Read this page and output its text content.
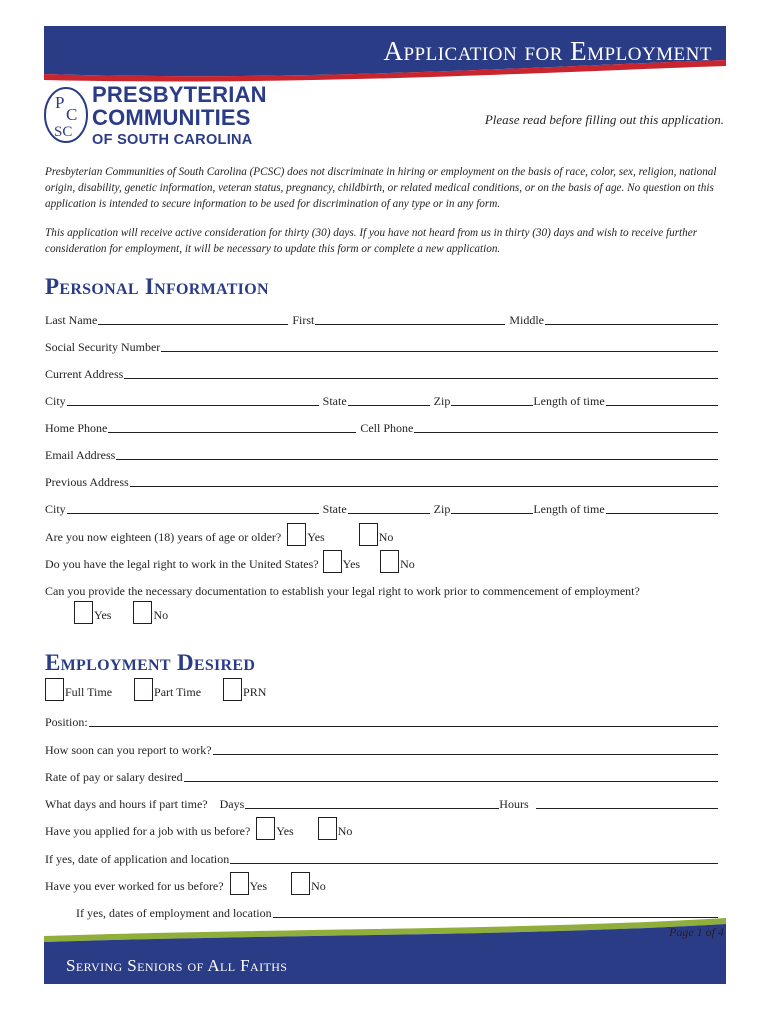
Application for Employment
P
C
SC
PRESBYTERIAN
COMMUNITIES
OF SOUTH CAROLINA
Please read before filling out this application.
Presbyterian Communities of South Carolina (PCSC) does not discriminate in hiring or employment on the basis of race, color, sex, religion, national origin, disability, genetic information, veteran status, pregnancy, childbirth, or related medical conditions, or on the basis of age. No question on this application is intended to secure information to be used for discrimination of any type or in any form.
This application will receive active consideration for thirty (30) days. If you have not heard from us in thirty (30) days and wish to receive further consideration for employment, it will be necessary to update this form or complete a new application.
Personal Information
Last Name	First	Middle
Social Security Number
Current Address
City	State	Zip	Length of time
Home Phone	Cell Phone
Email Address
Previous Address
City	State	Zip	Length of time
Are you now eighteen (18) years of age or older? Yes	No
Do you have the legal right to work in the United States? Yes	No
Can you provide the necessary documentation to establish your legal right to work prior to commencement of employment?
Yes	No
Employment Desired
Full Time	Part Time	PRN
Position:
How soon can you report to work?
Rate of pay or salary desired
What days and hours if part time? Days	Hours
Have you applied for a job with us before? Yes	No
If yes, date of application and location
Have you ever worked for us before? Yes	No
If yes, dates of employment and location
Page 1 of 4
Serving Seniors of All Faiths
